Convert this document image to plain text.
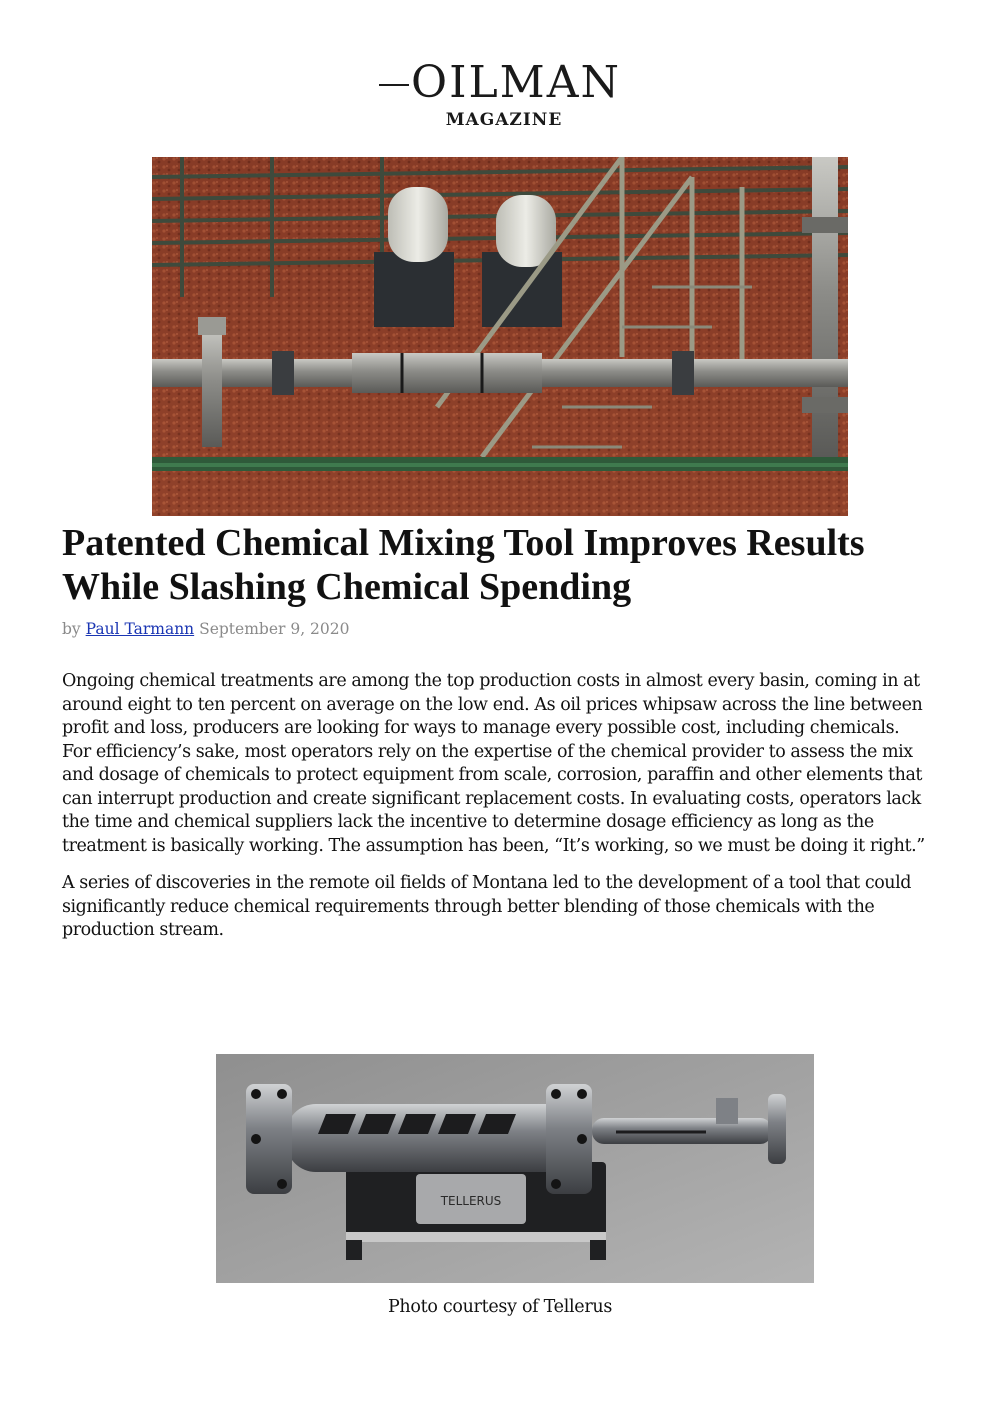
OILMAN
MAGAZINE
Patented Chemical Mixing Tool Improves Results While Slashing Chemical Spending
by Paul Tarmann September 9, 2020

Ongoing chemical treatments are among the top production costs in almost every basin, coming in at around eight to ten percent on average on the low end. As oil prices whipsaw across the line between profit and loss, producers are looking for ways to manage every possible cost, including chemicals.

For efficiency’s sake, most operators rely on the expertise of the chemical provider to assess the mix and dosage of chemicals to protect equipment from scale, corrosion, paraffin and other elements that can interrupt production and create significant replacement costs. In evaluating costs, operators lack the time and chemical suppliers lack the incentive to determine dosage efficiency as long as the treatment is basically working. The assumption has been, “It’s working, so we must be doing it right.”

A series of discoveries in the remote oil fields of Montana led to the development of a tool that could significantly reduce chemical requirements through better blending of those chemicals with the production stream.

TELLERUS
Photo courtesy of Tellerus
